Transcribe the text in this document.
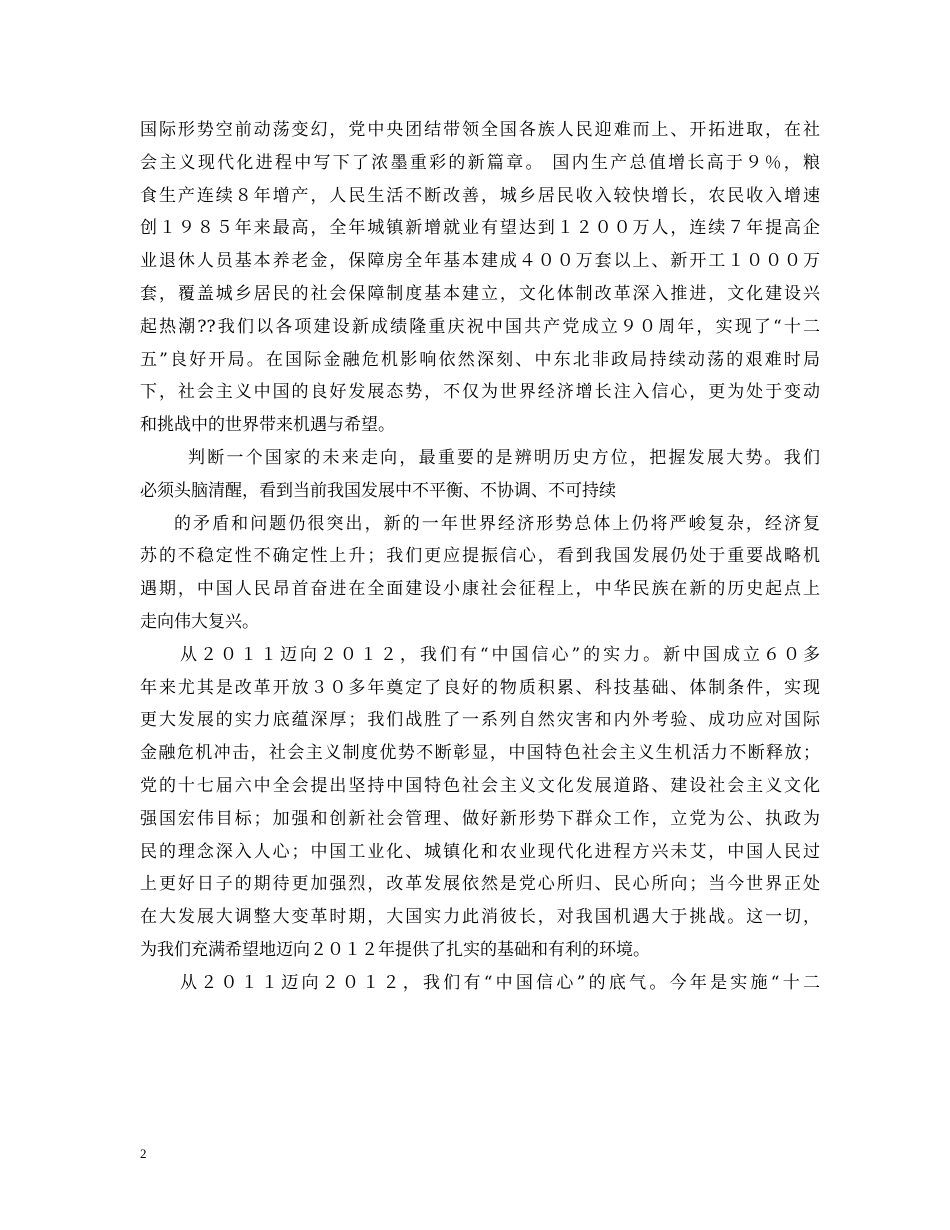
国际形势空前动荡变幻，党中央团结带领全国各族人民迎难而上、开拓进取，在社
会主义现代化进程中写下了浓墨重彩的新篇章。 国内生产总值增长高于９％，粮
食生产连续８年增产，人民生活不断改善，城乡居民收入较快增长，农民收入增速
创１９８５年来最高，全年城镇新增就业有望达到１２００万人，连续７年提高企
业退休人员基本养老金，保障房全年基本建成４００万套以上、新开工１０００万
套，覆盖城乡居民的社会保障制度基本建立，文化体制改革深入推进，文化建设兴
起热潮??我们以各项建设新成绩隆重庆祝中国共产党成立９０周年，实现了“十二
五”良好开局。在国际金融危机影响依然深刻、中东北非政局持续动荡的艰难时局
下，社会主义中国的良好发展态势，不仅为世界经济增长注入信心，更为处于变动
和挑战中的世界带来机遇与希望。
判断一个国家的未来走向，最重要的是辨明历史方位，把握发展大势。我们
必须头脑清醒，看到当前我国发展中不平衡、不协调、不可持续
的矛盾和问题仍很突出，新的一年世界经济形势总体上仍将严峻复杂，经济复
苏的不稳定性不确定性上升；我们更应提振信心，看到我国发展仍处于重要战略机
遇期，中国人民昂首奋进在全面建设小康社会征程上，中华民族在新的历史起点上
走向伟大复兴。
从２０１１迈向２０１２，我们有“中国信心”的实力。新中国成立６０多
年来尤其是改革开放３０多年奠定了良好的物质积累、科技基础、体制条件，实现
更大发展的实力底蕴深厚；我们战胜了一系列自然灾害和内外考验、成功应对国际
金融危机冲击，社会主义制度优势不断彰显，中国特色社会主义生机活力不断释放；
党的十七届六中全会提出坚持中国特色社会主义文化发展道路、建设社会主义文化
强国宏伟目标；加强和创新社会管理、做好新形势下群众工作，立党为公、执政为
民的理念深入人心；中国工业化、城镇化和农业现代化进程方兴未艾，中国人民过
上更好日子的期待更加强烈，改革发展依然是党心所归、民心所向；当今世界正处
在大发展大调整大变革时期，大国实力此消彼长，对我国机遇大于挑战。这一切，
为我们充满希望地迈向２０１２年提供了扎实的基础和有利的环境。
从２０１１迈向２０１２，我们有“中国信心”的底气。今年是实施“十二
2
